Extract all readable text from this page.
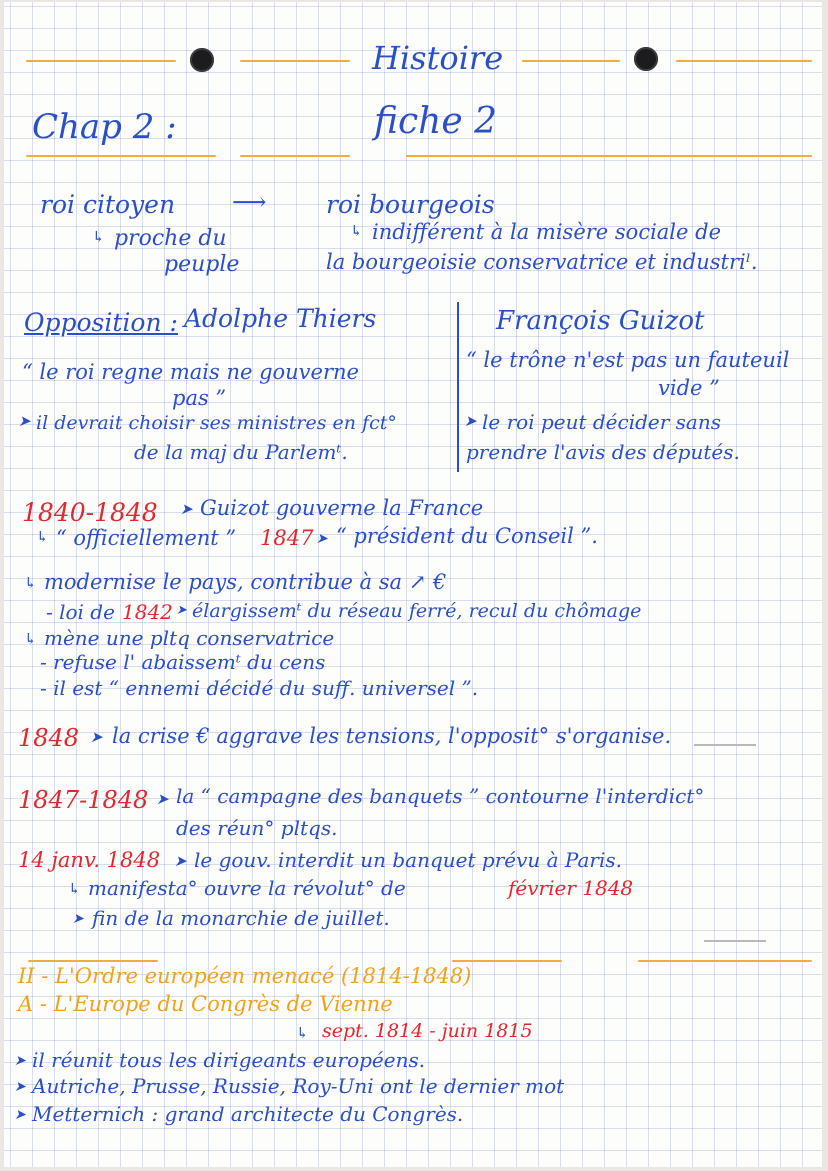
Histoire
fiche 2
Chap 2 :
roi citoyen ⟶ roi bourgeois
↳ proche du
peuple
↳ indifférent à la misère sociale de
la bourgeoisie conservatrice et industriˡ.
Opposition : Adolphe Thiers	François Guizot
“ le roi regne mais ne gouverne
pas ”
➤ il devrait choisir ses ministres en fct°
de la maj du Parlemᵗ.
“ le trône n'est pas un fauteuil
vide ”
➤ le roi peut décider sans
prendre l'avis des députés.
1840-1848 ➤ Guizot gouverne la France
↳ “ officiellement ” 1847 ➤ “ président du Conseil ”.
↳ modernise le pays, contribue à sa ↗ €
- loi de 1842 ➤ élargissemᵗ du réseau ferré, recul du chômage
↳ mène une pltq conservatrice
- refuse l' abaissemᵗ du cens
- il est “ ennemi décidé du suff. universel ”.
1848 ➤ la crise € aggrave les tensions, l'opposit° s'organise.
1847-1848 ➤ la “ campagne des banquets ” contourne l'interdict°
des réun° pltqs.
14 janv. 1848 ➤ le gouv. interdit un banquet prévu à Paris.
↳ manifesta° ouvre la révolut° de	février 1848
➤ fin de la monarchie de juillet.
II - L'Ordre européen menacé (1814-1848)
A - L'Europe du Congrès de Vienne
↳ sept. 1814 - juin 1815
➤ il réunit tous les dirigeants européens.
➤ Autriche, Prusse, Russie, Roy-Uni ont le dernier mot
➤ Metternich : grand architecte du Congrès.
